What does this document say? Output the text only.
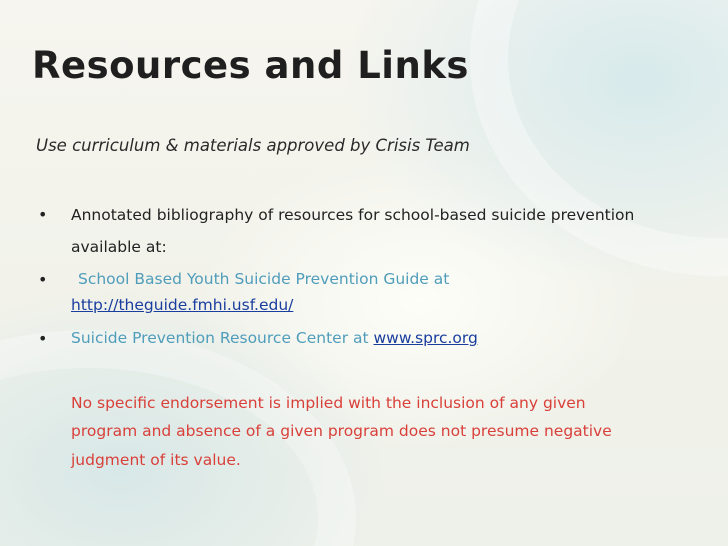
Resources and Links
Use curriculum & materials approved by Crisis Team
• Annotated bibliography of resources for school-based suicide prevention
available at:
• School Based Youth Suicide Prevention Guide at
http://theguide.fmhi.usf.edu/
• Suicide Prevention Resource Center at www.sprc.org
No specific endorsement is implied with the inclusion of any given
program and absence of a given program does not presume negative
judgment of its value.
